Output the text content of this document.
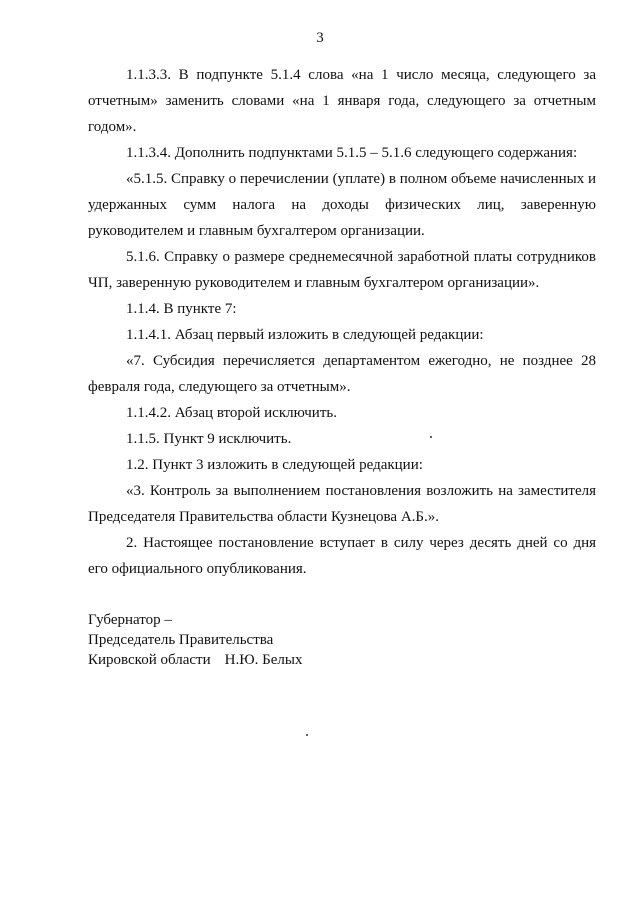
3

1.1.3.3. В подпункте 5.1.4 слова «на 1 число месяца, следующего за отчетным» заменить словами «на 1 января года, следующего за отчетным годом».

1.1.3.4. Дополнить подпунктами 5.1.5 – 5.1.6 следующего содержания:

«5.1.5. Справку о перечислении (уплате) в полном объеме начисленных и удержанных сумм налога на доходы физических лиц, заверенную руководителем и главным бухгалтером организации.

5.1.6. Справку о размере среднемесячной заработной платы сотрудников ЧП, заверенную руководителем и главным бухгалтером организации».

1.1.4. В пункте 7:

1.1.4.1. Абзац первый изложить в следующей редакции:

«7. Субсидия перечисляется департаментом ежегодно, не позднее 28 февраля года, следующего за отчетным».

1.1.4.2. Абзац второй исключить.

1.1.5. Пункт 9 исключить.

1.2. Пункт 3 изложить в следующей редакции:

«3. Контроль за выполнением постановления возложить на заместителя Председателя Правительства области Кузнецова А.Б.».

2. Настоящее постановление вступает в силу через десять дней со дня его официального опубликования.

Губернатор –
Председатель Правительства
Кировской области Н.Ю. Белых
